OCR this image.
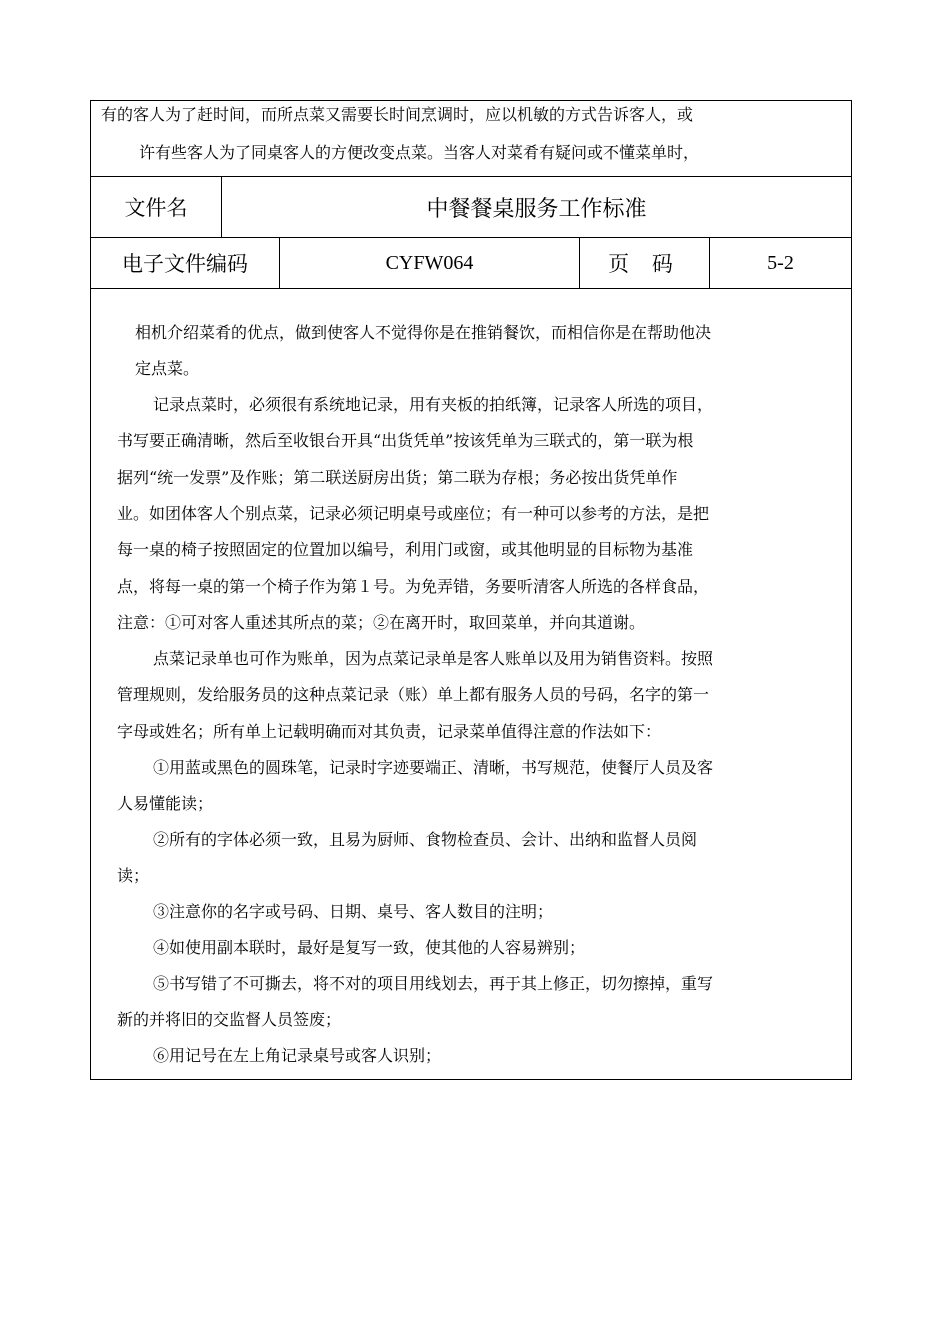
有的客人为了赶时间，而所点菜又需要长时间烹调时，应以机敏的方式告诉客人，或
许有些客人为了同桌客人的方便改变点菜。当客人对菜肴有疑问或不懂菜单时，
文件名	中餐餐桌服务工作标准
电子文件编码	CYFW064	页 码	5-2
相机介绍菜肴的优点，做到使客人不觉得你是在推销餐饮，而相信你是在帮助他决
定点菜。
记录点菜时，必须很有系统地记录，用有夹板的拍纸簿，记录客人所选的项目，
书写要正确清晰，然后至收银台开具“出货凭单”按该凭单为三联式的，第一联为根
据列“统一发票”及作账；第二联送厨房出货；第二联为存根；务必按出货凭单作
业。如团体客人个别点菜，记录必须记明桌号或座位；有一种可以参考的方法，是把
每一桌的椅子按照固定的位置加以编号，利用门或窗，或其他明显的目标物为基准
点，将每一桌的第一个椅子作为第１号。为免弄错，务要听清客人所选的各样食品，
注意：①可对客人重述其所点的菜；②在离开时，取回菜单，并向其道谢。
点菜记录单也可作为账单，因为点菜记录单是客人账单以及用为销售资料。按照
管理规则，发给服务员的这种点菜记录（账）单上都有服务人员的号码，名字的第一
字母或姓名；所有单上记载明确而对其负责，记录菜单值得注意的作法如下：
①用蓝或黑色的圆珠笔，记录时字迹要端正、清晰，书写规范，使餐厅人员及客
人易懂能读；
②所有的字体必须一致，且易为厨师、食物检查员、会计、出纳和监督人员阅
读；
③注意你的名字或号码、日期、桌号、客人数目的注明；
④如使用副本联时，最好是复写一致，使其他的人容易辨别；
⑤书写错了不可撕去，将不对的项目用线划去，再于其上修正，切勿擦掉，重写
新的并将旧的交监督人员签废；
⑥用记号在左上角记录桌号或客人识别；
